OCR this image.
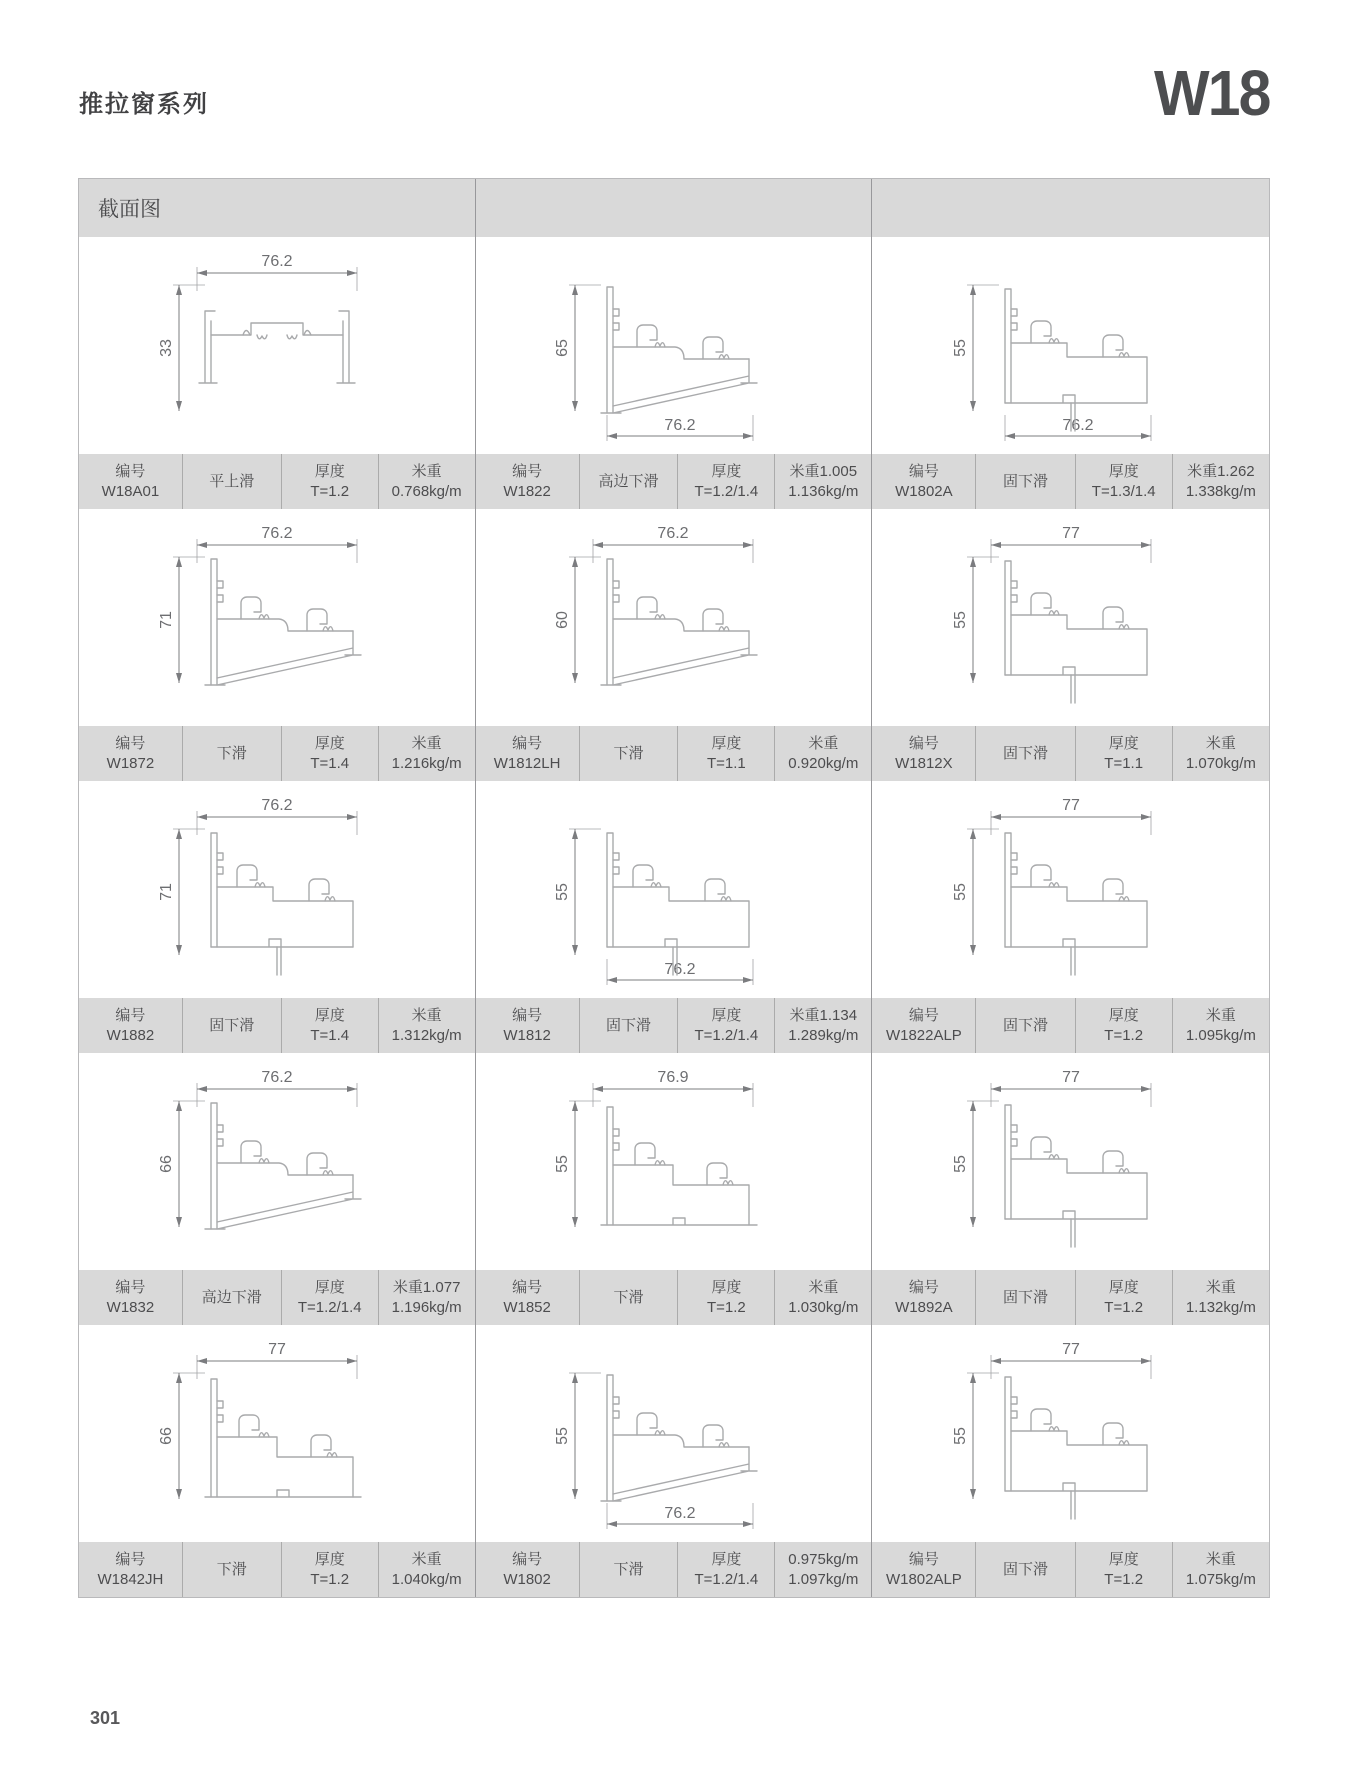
推拉窗系列	W18
截面图
76.2
33
编号
W18A01
平上滑
厚度
T=1.2
米重
0.768kg/m
65
76.2
编号
W1822
高边下滑
厚度
T=1.2/1.4
米重1.005
1.136kg/m
55
76.2
编号
W1802A
固下滑
厚度
T=1.3/1.4
米重1.262
1.338kg/m
76.2
71
编号
W1872
下滑
厚度
T=1.4
米重
1.216kg/m
76.2
60
编号
W1812LH
下滑
厚度
T=1.1
米重
0.920kg/m
77
55
编号
W1812X
固下滑
厚度
T=1.1
米重
1.070kg/m
76.2
71
编号
W1882
固下滑
厚度
T=1.4
米重
1.312kg/m
55
76.2
编号
W1812
固下滑
厚度
T=1.2/1.4
米重1.134
1.289kg/m
77
55
编号
W1822ALP
固下滑
厚度
T=1.2
米重
1.095kg/m
76.2
66
编号
W1832
高边下滑
厚度
T=1.2/1.4
米重1.077
1.196kg/m
76.9
55
编号
W1852
下滑
厚度
T=1.2
米重
1.030kg/m
77
55
编号
W1892A
固下滑
厚度
T=1.2
米重
1.132kg/m
77
66
编号
W1842JH
下滑
厚度
T=1.2
米重
1.040kg/m
55
76.2
编号
W1802
下滑
厚度
T=1.2/1.4
0.975kg/m
1.097kg/m
77
55
编号
W1802ALP
固下滑
厚度
T=1.2
米重
1.075kg/m
301
